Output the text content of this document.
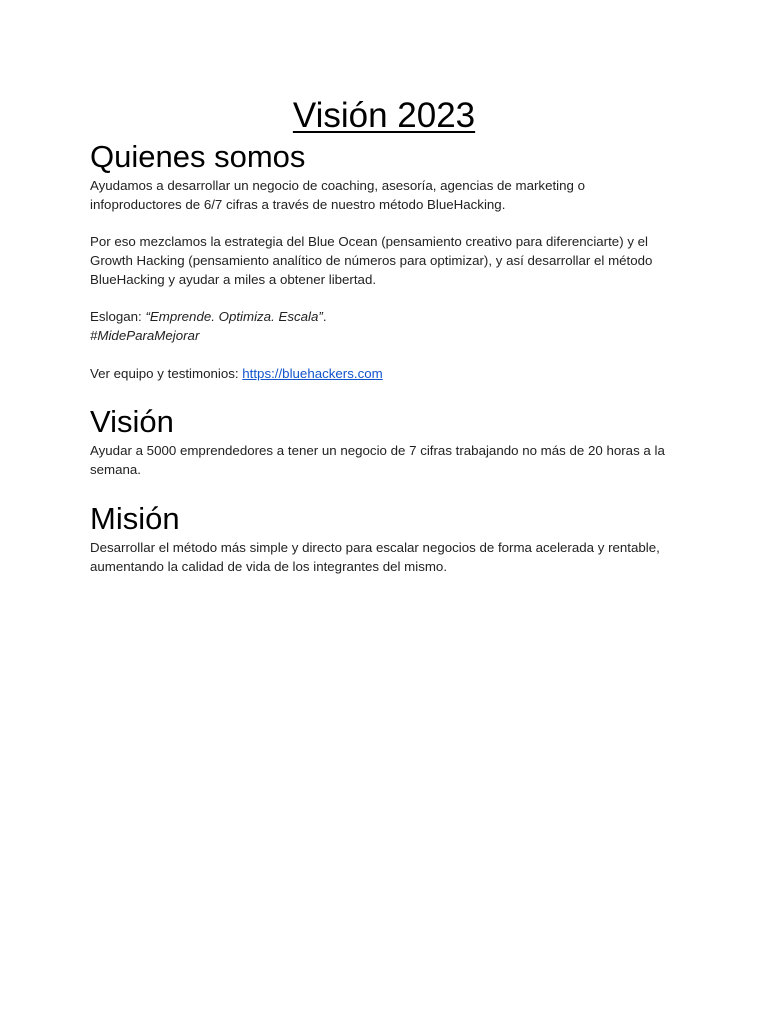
Visión 2023
Quienes somos

Ayudamos a desarrollar un negocio de coaching, asesoría, agencias de marketing o infoproductores de 6/7 cifras a través de nuestro método BlueHacking.

Por eso mezclamos la estrategia del Blue Ocean (pensamiento creativo para diferenciarte) y el Growth Hacking (pensamiento analítico de números para optimizar), y así desarrollar el método BlueHacking y ayudar a miles a obtener libertad.

Eslogan: “Emprende. Optimiza. Escala”.

#MideParaMejorar

Ver equipo y testimonios: https://bluehackers.com

Visión

Ayudar a 5000 emprendedores a tener un negocio de 7 cifras trabajando no más de 20 horas a la semana.

Misión

Desarrollar el método más simple y directo para escalar negocios de forma acelerada y rentable, aumentando la calidad de vida de los integrantes del mismo.
